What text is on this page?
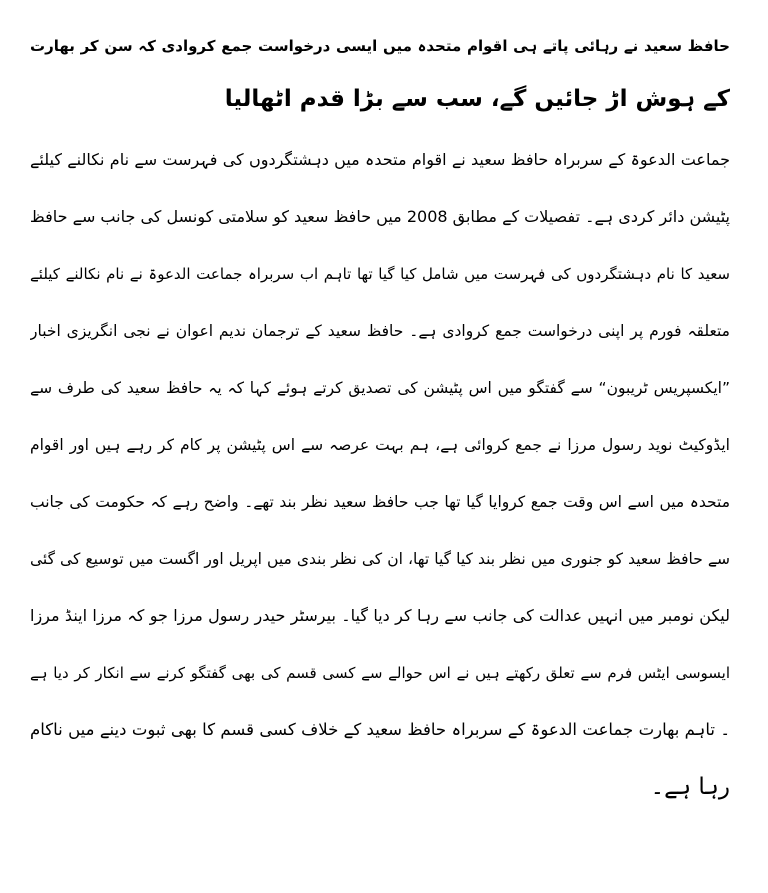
حافظ سعید نے رہائی پاتے ہی اقوام متحدہ میں ایسی درخواست جمع کروادی کہ سن کر بھارت
کے ہوش اڑ جائیں گے، سب سے بڑا قدم اٹھالیا
جماعت الدعوۃ کے سربراہ حافظ سعید نے اقوام متحدہ میں دہشتگردوں کی فہرست سے نام نکالنے کیلئے
پٹیشن دائر کردی ہے۔ تفصیلات کے مطابق 2008 میں حافظ سعید کو سلامتی کونسل کی جانب سے حافظ
سعید کا نام دہشتگردوں کی فہرست میں شامل کیا گیا تھا تاہم اب سربراہ جماعت الدعوۃ نے نام نکالنے کیلئے
متعلقہ فورم پر اپنی درخواست جمع کروادی ہے۔ حافظ سعید کے ترجمان ندیم اعوان نے نجی انگریزی اخبار
”ایکسپریس ٹریبون“ سے گفتگو میں اس پٹیشن کی تصدیق کرتے ہوئے کہا کہ یہ حافظ سعید کی طرف سے
ایڈوکیٹ نوید رسول مرزا نے جمع کروائی ہے، ہم بہت عرصہ سے اس پٹیشن پر کام کر رہے ہیں اور اقوام
متحدہ میں اسے اس وقت جمع کروایا گیا تھا جب حافظ سعید نظر بند تھے۔ واضح رہے کہ حکومت کی جانب
سے حافظ سعید کو جنوری میں نظر بند کیا گیا تھا، ان کی نظر بندی میں اپریل اور اگست میں توسیع کی گئی
لیکن نومبر میں انہیں عدالت کی جانب سے رہا کر دیا گیا۔ بیرسٹر حیدر رسول مرزا جو کہ مرزا اینڈ مرزا
ایسوسی ایٹس فرم سے تعلق رکھتے ہیں نے اس حوالے سے کسی قسم کی بھی گفتگو کرنے سے انکار کر دیا ہے
۔ تاہم بھارت جماعت الدعوۃ کے سربراہ حافظ سعید کے خلاف کسی قسم کا بھی ثبوت دینے میں ناکام
رہا ہے۔
